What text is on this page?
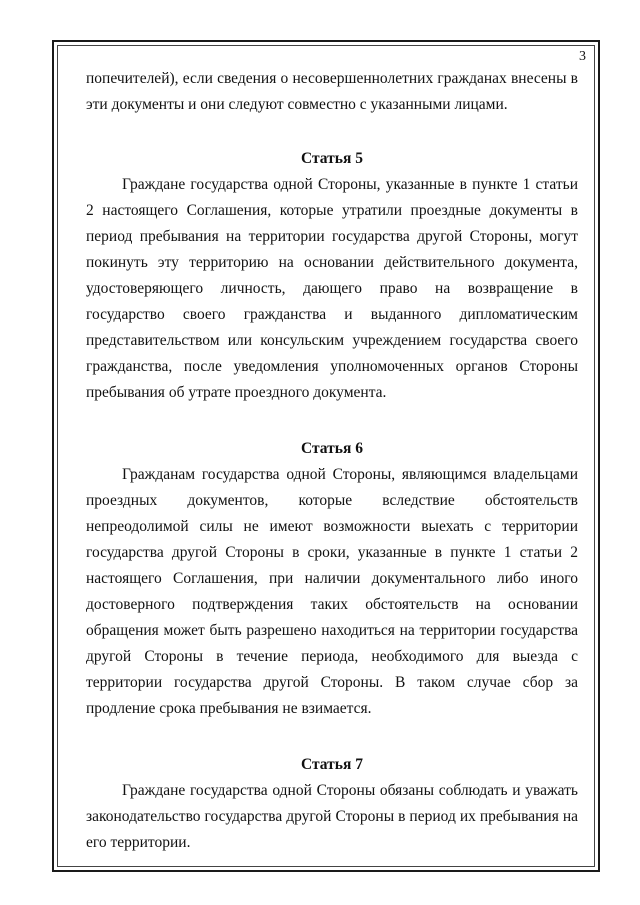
3

попечителей), если сведения о несовершеннолетних гражданах внесены в эти документы и они следуют совместно с указанными лицами.

Статья 5

Граждане государства одной Стороны, указанные в пункте 1 статьи 2 настоящего Соглашения, которые утратили проездные документы в период пребывания на территории государства другой Стороны, могут покинуть эту территорию на основании действительного документа, удостоверяющего личность, дающего право на возвращение в государство своего гражданства и выданного дипломатическим представительством или консульским учреждением государства своего гражданства, после уведомления уполномоченных органов Стороны пребывания об утрате проездного документа.

Статья 6

Гражданам государства одной Стороны, являющимся владельцами проездных документов, которые вследствие обстоятельств непреодолимой силы не имеют возможности выехать с территории государства другой Стороны в сроки, указанные в пункте 1 статьи 2 настоящего Соглашения, при наличии документального либо иного достоверного подтверждения таких обстоятельств на основании обращения может быть разрешено находиться на территории государства другой Стороны в течение периода, необходимого для выезда с территории государства другой Стороны. В таком случае сбор за продление срока пребывания не взимается.

Статья 7

Граждане государства одной Стороны обязаны соблюдать и уважать законодательство государства другой Стороны в период их пребывания на его территории.
